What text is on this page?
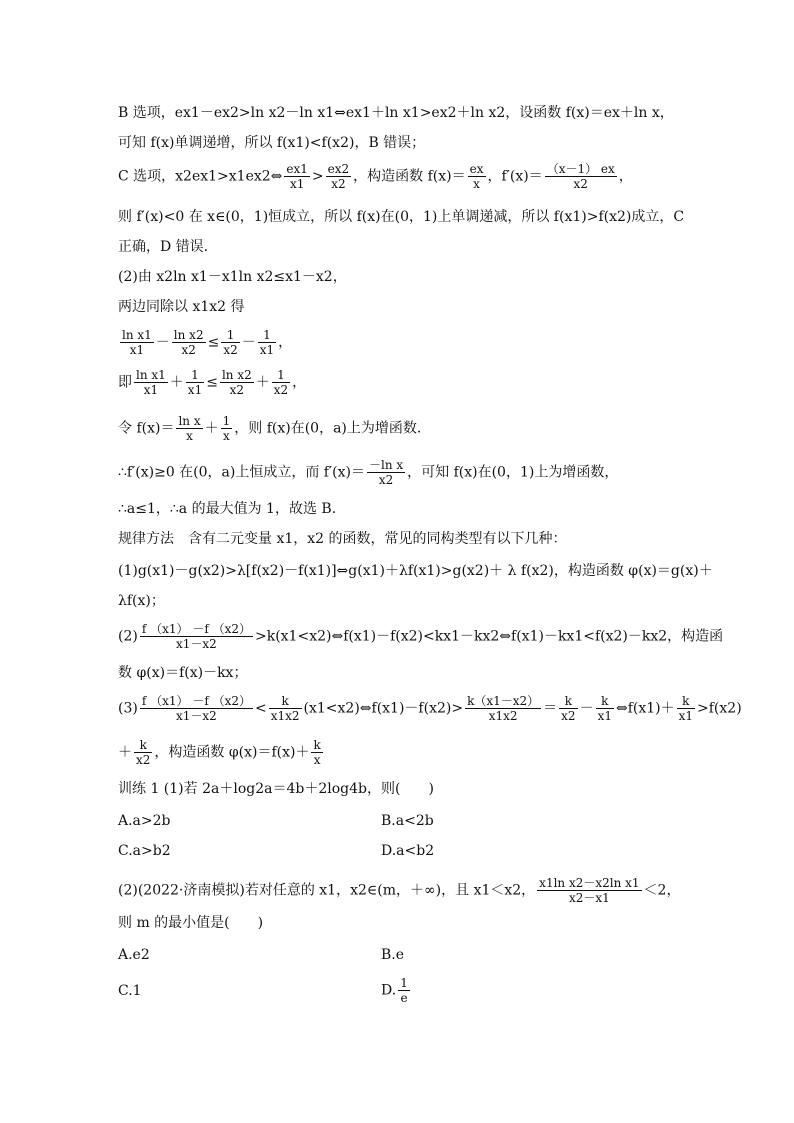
B 选项，ex1－ex2>ln x2－ln x1⇔ex1＋ln x1>ex2＋ln x2，设函数 f(x)＝ex＋ln x，
可知 f(x)单调递增，所以 f(x1)<f(x2)，B 错误；
C 选项，x2ex1>x1ex2⇔ $\frac{ex1}{x1} > \frac{ex2}{x2}$ ，构造函数 $f(x)= \frac{ex}{x}$ ，$f'(x)= \frac{(x-1) ex}{x2}$ ，
则 f′(x)<0 在 x∈(0，1)恒成立，所以 f(x)在(0，1)上单调递减，所以 f(x1)>f(x2)成立，C
正确，D 错误.
(2)由 x2ln x1－x1ln x2≤x1－x2，
两边同除以 x1x2 得
$\frac{\text{ln x1}}{x1} - \frac{\text{ln x2}}{x2} \le \frac{1}{x2} - \frac{1}{x1}$ ，
即 $\frac{\text{ln x1}}{x1} + \frac{1}{x1} \le \frac{\text{ln x2}}{x2} + \frac{1}{x2}$ ，
令 $f(x)= \frac{\text{ln x}}{x} + \frac{1}{x}$ ，则 f(x)在(0，a)上为增函数.
∴f′(x)≥0 在(0，a)上恒成立，而 $f'(x)= \frac{\text{－ln x}}{x2}$ ，可知 f(x)在(0，1)上为增函数，
∴a≤1，∴a 的最大值为 1，故选 B.
规律方法　含有二元变量 x1，x2 的函数，常见的同构类型有以下几种：
(1)g(x1)－g(x2)>λ[f(x2)－f(x1)]⇔g(x1)＋λf(x1)>g(x2)＋ λ f(x2)，构造函数 φ(x)＝g(x)＋
λf(x)；
$(2) \frac{f (x1) -f (x2)}{x1-x2}$ >k(x1<x2)⇔f(x1)－f(x2)<kx1－kx2⇔f(x1)－kx1<f(x2)－kx2，构造函
数 φ(x)＝f(x)－kx；
$(3) \frac{f (x1) -f (x2)}{x1-x2} < \frac{k}{x1x2}$ (x1<x2)⇔f(x1)－f(x2)> $\frac{k(x1-x2)}{x1x2} = \frac{k}{x2} - \frac{k}{x1}$ ⇔f(x1)＋ $\frac{k}{x1} >f(x2)$
＋ $\frac{k}{x2}$ ，构造函数 $\varphi(x)=f(x)+ \frac{k}{x}$
训练 1 (1)若 2a＋log2a＝4b＋2log4b，则(　　)
A.a>2b	B.a<2b
C.a>b2	D.a<b2
(2)(2022·济南模拟)若对任意的 x1，x2∈(m，＋∞)，且 x1＜x2， $\frac{\text{x1ln x2－x2ln x1}}{x2-x1} <2$，
则 m 的最小值是(　　)
A.e2	B.e
C.1	D. $\frac{1}{e}$
